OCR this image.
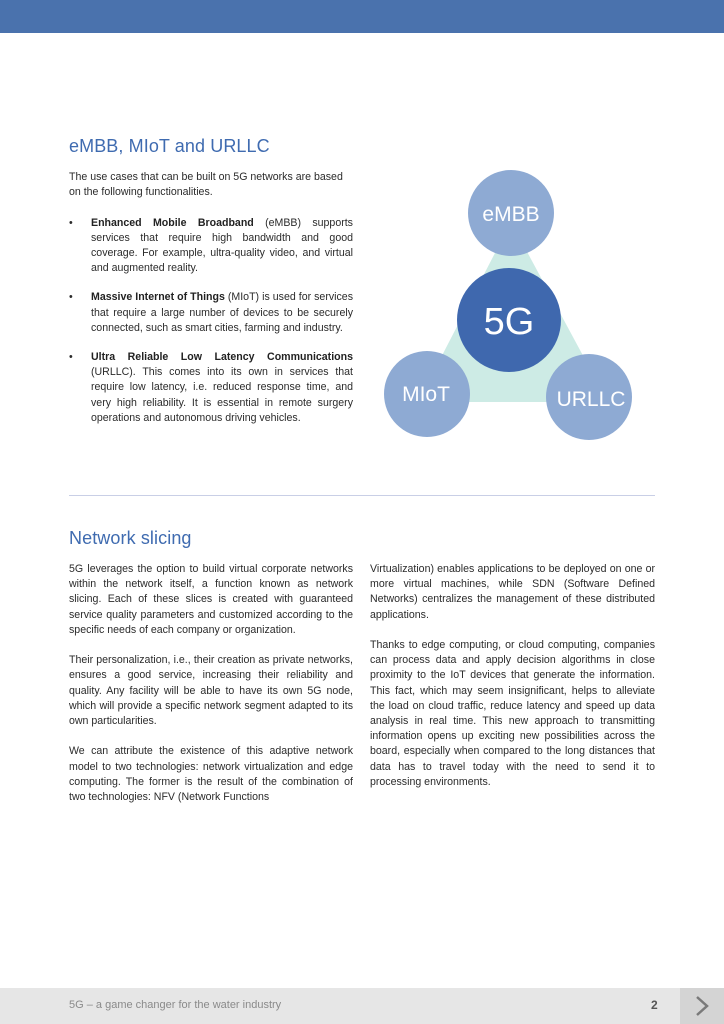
eMBB, MIoT and URLLC

The use cases that can be built on 5G networks are based on the following functionalities.

• Enhanced Mobile Broadband (eMBB) supports services that require high bandwidth and good coverage. For example, ultra-quality video, and virtual and augmented reality.
• Massive Internet of Things (MIoT) is used for services that require a large number of devices to be securely connected, such as smart cities, farming and industry.
• Ultra Reliable Low Latency Communications (URLLC). This comes into its own in services that require low latency, i.e. reduced response time, and very high reliability. It is essential in remote surgery operations and autonomous driving vehicles.
eMBB
5G
MIoT	URLLC
Network slicing

5G leverages the option to build virtual corporate networks within the network itself, a function known as network slicing. Each of these slices is created with guaranteed service quality parameters and customized according to the specific needs of each company or organization.

Their personalization, i.e., their creation as private networks, ensures a good service, increasing their reliability and quality. Any facility will be able to have its own 5G node, which will provide a specific network segment adapted to its own particularities.

We can attribute the existence of this adaptive network model to two technologies: network virtualization and edge computing. The former is the result of the combination of two technologies: NFV (Network Functions

Virtualization) enables applications to be deployed on one or more virtual machines, while SDN (Software Defined Networks) centralizes the management of these distributed applications.

Thanks to edge computing, or cloud computing, companies can process data and apply decision algorithms in close proximity to the IoT devices that generate the information. This fact, which may seem insignificant, helps to alleviate the load on cloud traffic, reduce latency and speed up data analysis in real time. This new approach to transmitting information opens up exciting new possibilities across the board, especially when compared to the long distances that data has to travel today with the need to send it to processing environments.

5G – a game changer for the water industry	2
